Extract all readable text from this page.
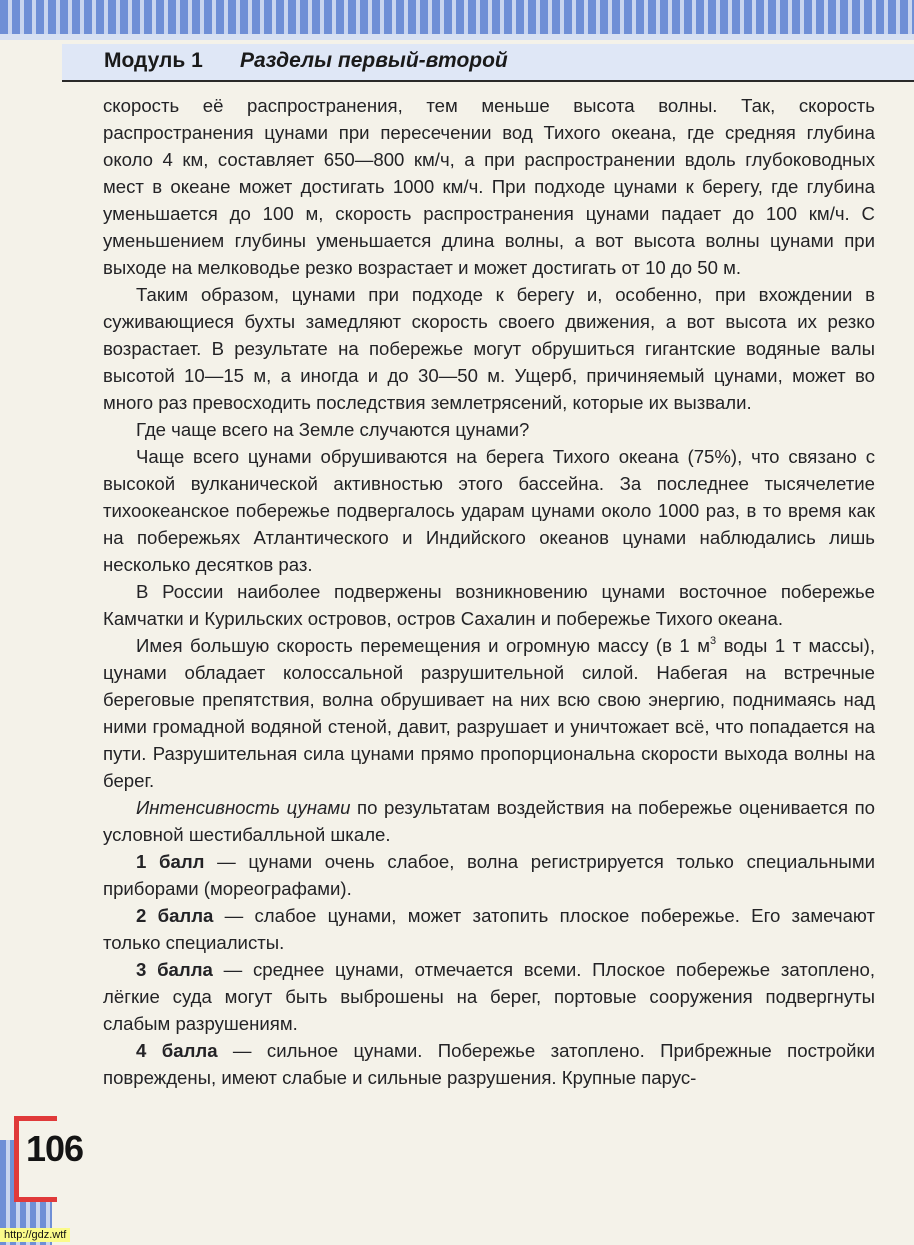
Модуль 1 Разделы первый-второй

скорость её распространения, тем меньше высота волны. Так, скорость распространения цунами при пересечении вод Тихого океана, где средняя глубина около 4 км, составляет 650—800 км/ч, а при распространении вдоль глубоководных мест в океане может достигать 1000 км/ч. При подходе цунами к берегу, где глубина уменьшается до 100 м, скорость распространения цунами падает до 100 км/ч. С уменьшением глубины уменьшается длина волны, а вот высота волны цунами при выходе на мелководье резко возрастает и может достигать от 10 до 50 м.

Таким образом, цунами при подходе к берегу и, особенно, при вхождении в суживающиеся бухты замедляют скорость своего движения, а вот высота их резко возрастает. В результате на побережье могут обрушиться гигантские водяные валы высотой 10—15 м, а иногда и до 30—50 м. Ущерб, причиняемый цунами, может во много раз превосходить последствия землетрясений, которые их вызвали.

Где чаще всего на Земле случаются цунами?

Чаще всего цунами обрушиваются на берега Тихого океана (75%), что связано с высокой вулканической активностью этого бассейна. За последнее тысячелетие тихоокеанское побережье подвергалось ударам цунами около 1000 раз, в то время как на побережьях Атлантического и Индийского океанов цунами наблюдались лишь несколько десятков раз.

В России наиболее подвержены возникновению цунами восточное побережье Камчатки и Курильских островов, остров Сахалин и побережье Тихого океана.

Имея большую скорость перемещения и огромную массу (в 1 $м^3$ воды 1 т массы), цунами обладает колоссальной разрушительной силой. Набегая на встречные береговые препятствия, волна обрушивает на них всю свою энергию, поднимаясь над ними громадной водяной стеной, давит, разрушает и уничтожает всё, что попадается на пути. Разрушительная сила цунами прямо пропорциональна скорости выхода волны на берег.

Интенсивность цунами по результатам воздействия на побережье оценивается по условной шестибалльной шкале.

1 балл — цунами очень слабое, волна регистрируется только специальными приборами (мореографами).

2 балла — слабое цунами, может затопить плоское побережье. Его замечают только специалисты.

3 балла — среднее цунами, отмечается всеми. Плоское побережье затоплено, лёгкие суда могут быть выброшены на берег, портовые сооружения подвергнуты слабым разрушениям.

4 балла — сильное цунами. Побережье затоплено. Прибрежные постройки повреждены, имеют слабые и сильные разрушения. Крупные парус-

106
http://gdz.wtf
